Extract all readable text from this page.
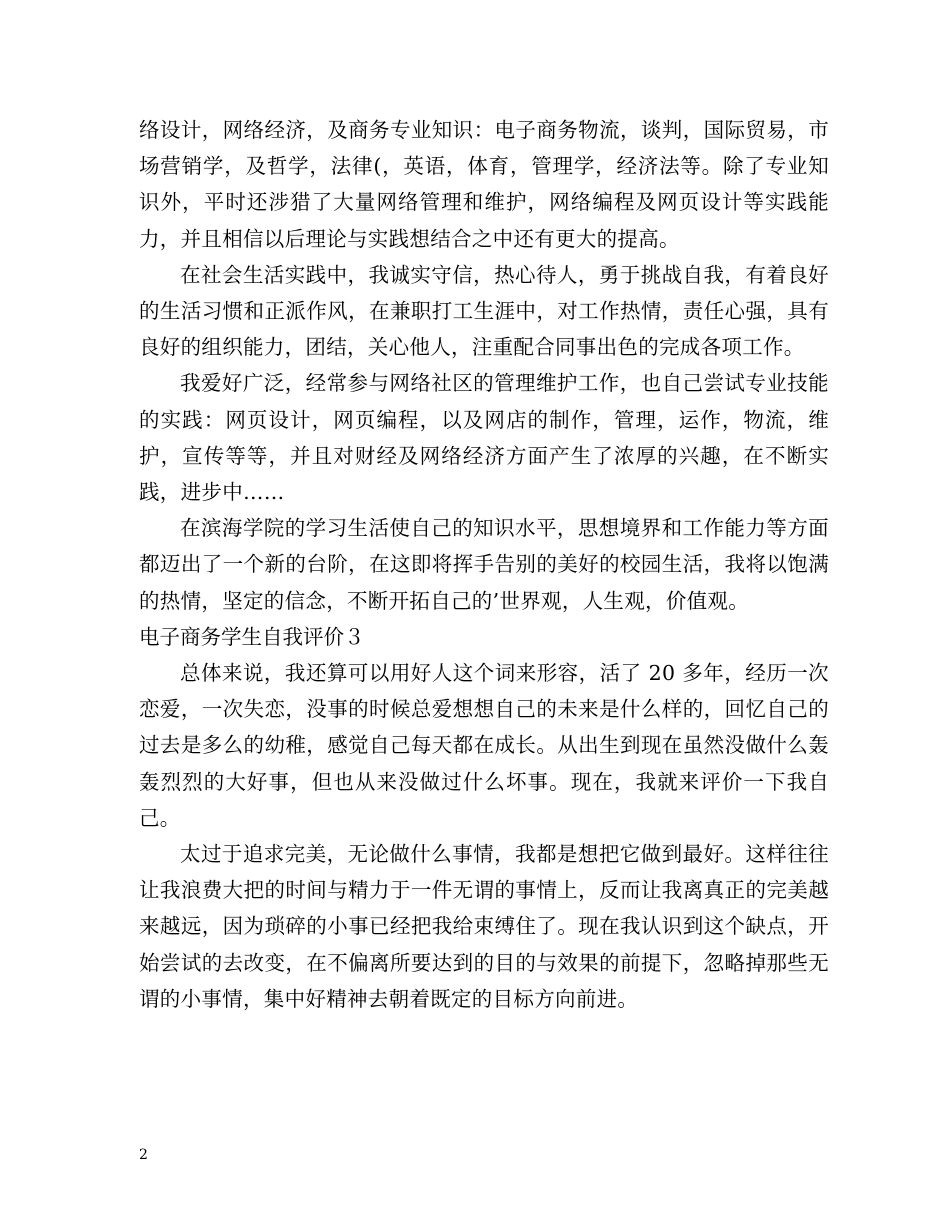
络设计，网络经济，及商务专业知识：电子商务物流，谈判，国际贸易，市场营销学，及哲学，法律(，英语，体育，管理学，经济法等。除了专业知识外，平时还涉猎了大量网络管理和维护，网络编程及网页设计等实践能力，并且相信以后理论与实践想结合之中还有更大的提高。

在社会生活实践中，我诚实守信，热心待人，勇于挑战自我，有着良好的生活习惯和正派作风，在兼职打工生涯中，对工作热情，责任心强，具有良好的组织能力，团结，关心他人，注重配合同事出色的完成各项工作。

我爱好广泛，经常参与网络社区的管理维护工作，也自己尝试专业技能的实践：网页设计，网页编程，以及网店的制作，管理，运作，物流，维护，宣传等等，并且对财经及网络经济方面产生了浓厚的兴趣，在不断实践，进步中……

在滨海学院的学习生活使自己的知识水平，思想境界和工作能力等方面都迈出了一个新的台阶，在这即将挥手告别的美好的校园生活，我将以饱满的热情，坚定的信念，不断开拓自己的’世界观，人生观，价值观。

电子商务学生自我评价３

总体来说，我还算可以用好人这个词来形容，活了 20 多年，经历一次恋爱，一次失恋，没事的时候总爱想想自己的未来是什么样的，回忆自己的过去是多么的幼稚，感觉自己每天都在成长。从出生到现在虽然没做什么轰轰烈烈的大好事，但也从来没做过什么坏事。现在，我就来评价一下我自己。

太过于追求完美，无论做什么事情，我都是想把它做到最好。这样往往让我浪费大把的时间与精力于一件无谓的事情上，反而让我离真正的完美越来越远，因为琐碎的小事已经把我给束缚住了。现在我认识到这个缺点，开始尝试的去改变，在不偏离所要达到的目的与效果的前提下，忽略掉那些无谓的小事情，集中好精神去朝着既定的目标方向前进。

2
